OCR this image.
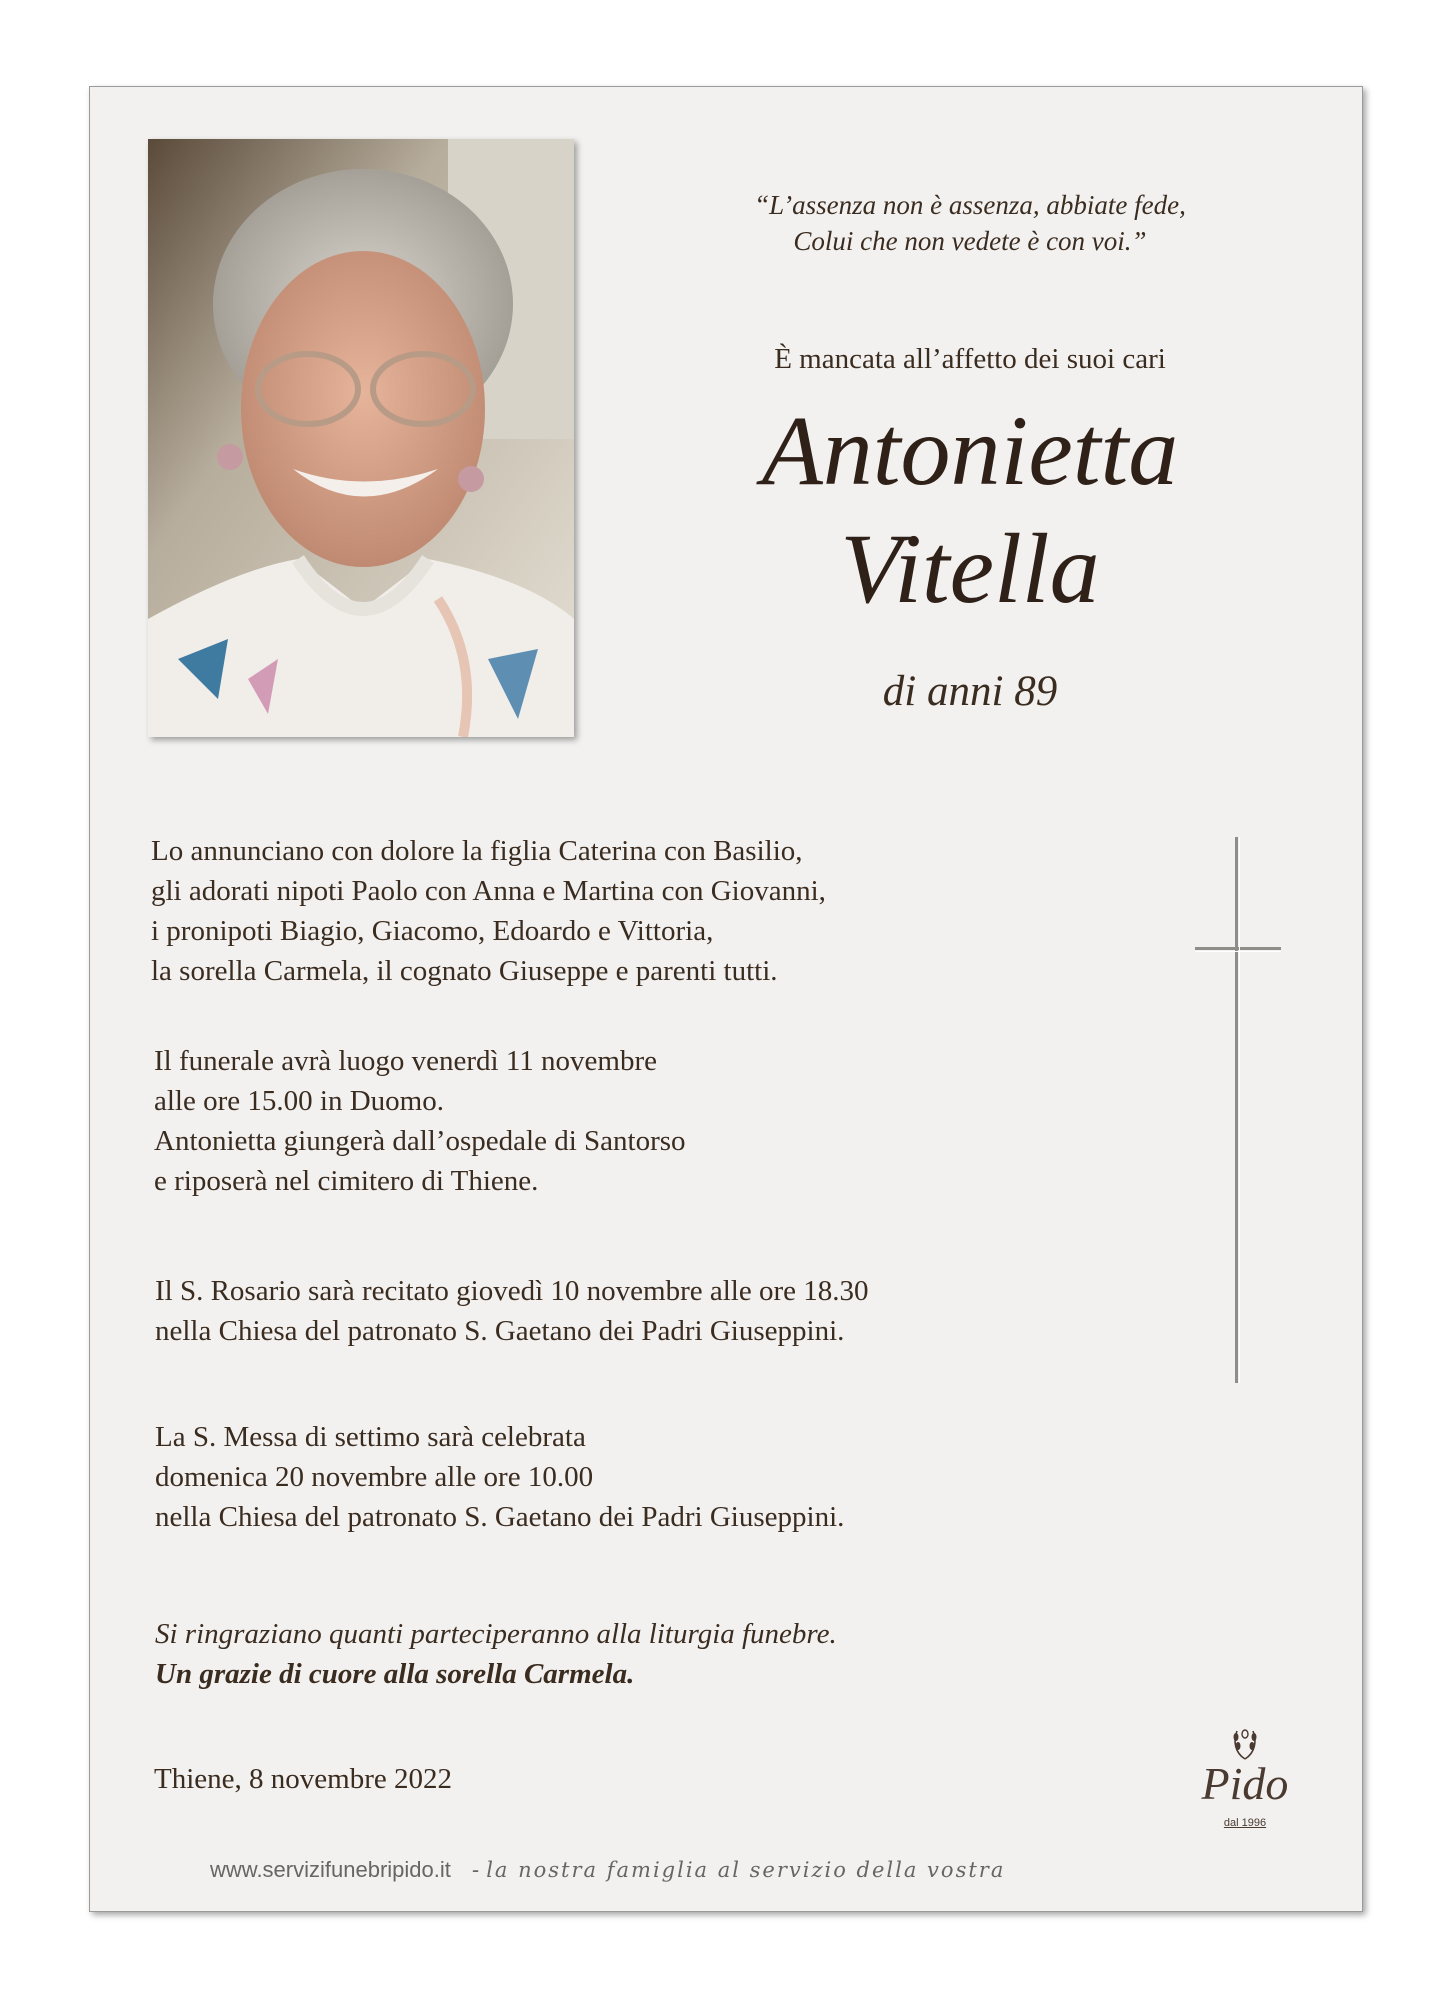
“L’assenza non è assenza, abbiate fede,
Colui che non vedete è con voi.”
È mancata all’affetto dei suoi cari
Antonietta
Vitella
di anni 89
Lo annunciano con dolore la figlia Caterina con Basilio,
gli adorati nipoti Paolo con Anna e Martina con Giovanni,
i pronipoti Biagio, Giacomo, Edoardo e Vittoria,
la sorella Carmela, il cognato Giuseppe e parenti tutti.
Il funerale avrà luogo venerdì 11 novembre
alle ore 15.00 in Duomo.
Antonietta giungerà dall’ospedale di Santorso
e riposerà nel cimitero di Thiene.
Il S. Rosario sarà recitato giovedì 10 novembre alle ore 18.30
nella Chiesa del patronato S. Gaetano dei Padri Giuseppini.
La S. Messa di settimo sarà celebrata
domenica 20 novembre alle ore 10.00
nella Chiesa del patronato S. Gaetano dei Padri Giuseppini.
Si ringraziano quanti parteciperanno alla liturgia funebre.
Un grazie di cuore alla sorella Carmela.
Thiene, 8 novembre 2022	Pido
dal 1996
www.servizifunebripido.it - la nostra famiglia al servizio della vostra
